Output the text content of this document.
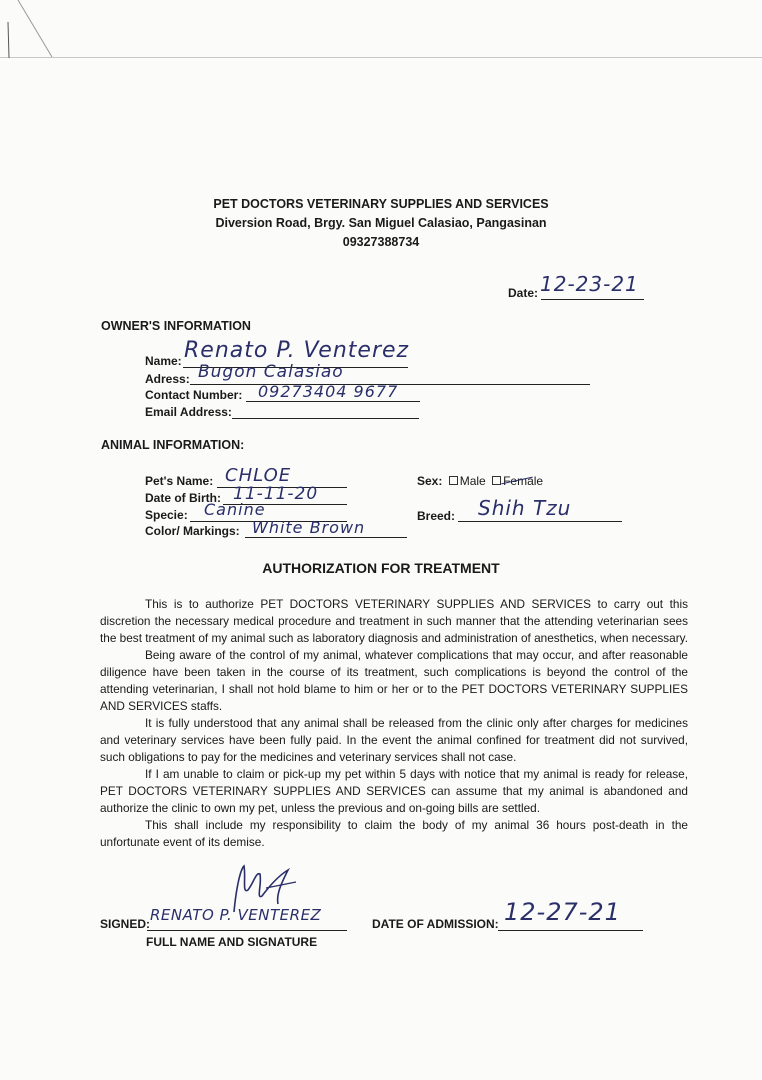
PET DOCTORS VETERINARY SUPPLIES AND SERVICES
Diversion Road, Brgy. San Miguel Calasiao, Pangasinan
09327388734
Date: 12-23-21
OWNER'S INFORMATION
Name: Renato P. Venterez
Adress: Bugon Calasiao
Contact Number: 09273404 9677
Email Address:
ANIMAL INFORMATION:
Pet's Name: CHLOE
Date of Birth: 11-11-20
Specie: Canine
Color/ Markings: White Brown
Sex: Male Female
Breed: Shih Tzu
AUTHORIZATION FOR TREATMENT

This is to authorize PET DOCTORS VETERINARY SUPPLIES AND SERVICES to carry out this discretion the necessary medical procedure and treatment in such manner that the attending veterinarian sees the best treatment of my animal such as laboratory diagnosis and administration of anesthetics, when necessary.

Being aware of the control of my animal, whatever complications that may occur, and after reasonable diligence have been taken in the course of its treatment, such complications is beyond the control of the attending veterinarian, I shall not hold blame to him or her or to the PET DOCTORS VETERINARY SUPPLIES AND SERVICES staffs.

It is fully understood that any animal shall be released from the clinic only after charges for medicines and veterinary services have been fully paid. In the event the animal confined for treatment did not survived, such obligations to pay for the medicines and veterinary services shall not case.

If I am unable to claim or pick-up my pet within 5 days with notice that my animal is ready for release, PET DOCTORS VETERINARY SUPPLIES AND SERVICES can assume that my animal is abandoned and authorize the clinic to own my pet, unless the previous and on-going bills are settled.

This shall include my responsibility to claim the body of my animal 36 hours post-death in the unfortunate event of its demise.

SIGNED: RENATO P. VENTEREZ
FULL NAME AND SIGNATURE
DATE OF ADMISSION: 12-27-21
